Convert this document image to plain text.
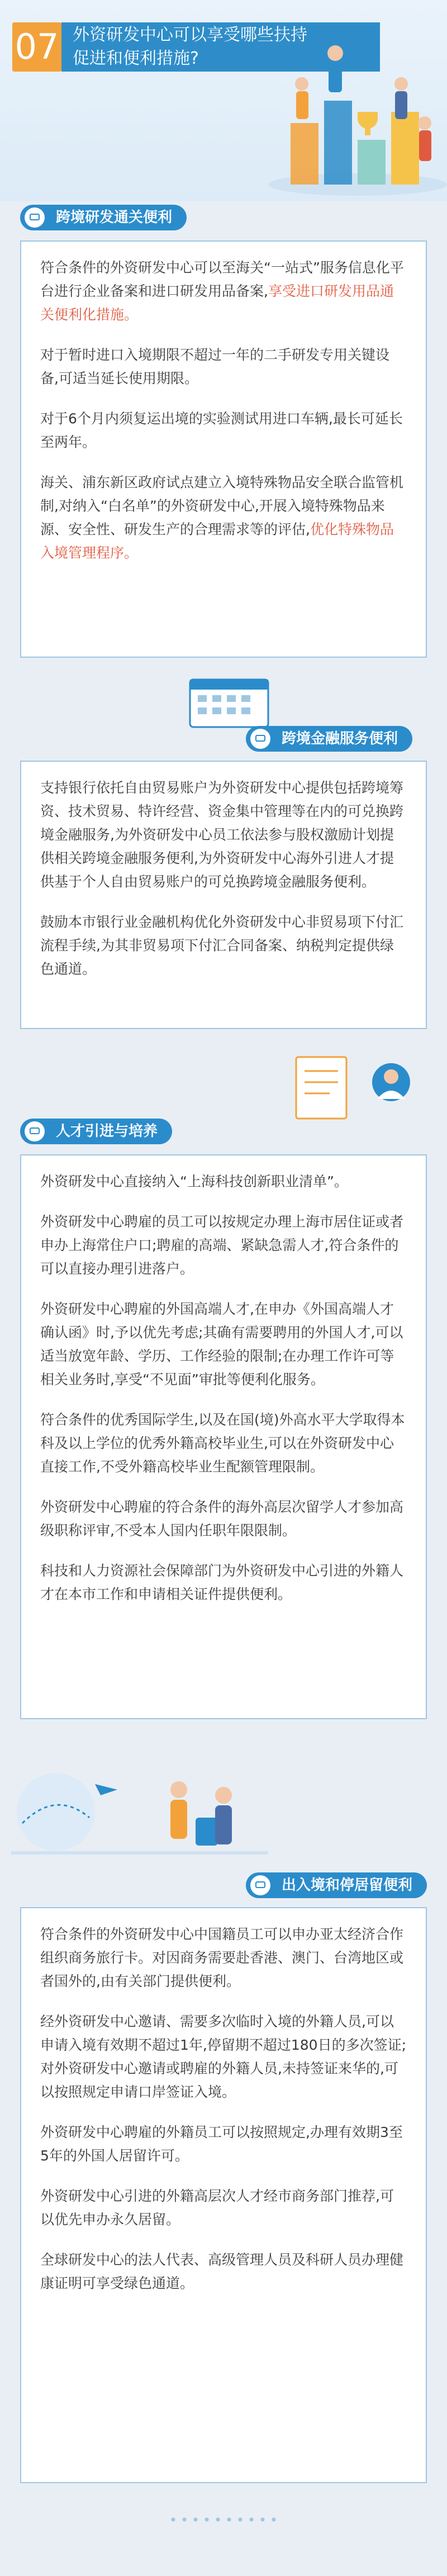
07 外资研发中心可以享受哪些扶持
促进和便利措施?
跨境研发通关便利

符合条件的外资研发中心可以至海关“一站式”服务信息化平台进行企业备案和进口研发用品备案,享受进口研发用品通关便利化措施。

对于暂时进口入境期限不超过一年的二手研发专用关键设备,可适当延长使用期限。

对于6个月内须复运出境的实验测试用进口车辆,最长可延长至两年。

海关、浦东新区政府试点建立入境特殊物品安全联合监管机制,对纳入“白名单”的外资研发中心,开展入境特殊物品来源、安全性、研发生产的合理需求等的评估,优化特殊物品入境管理程序。

跨境金融服务便利

支持银行依托自由贸易账户为外资研发中心提供包括跨境筹资、技术贸易、特许经营、资金集中管理等在内的可兑换跨境金融服务,为外资研发中心员工依法参与股权激励计划提供相关跨境金融服务便利,为外资研发中心海外引进人才提供基于个人自由贸易账户的可兑换跨境金融服务便利。

鼓励本市银行业金融机构优化外资研发中心非贸易项下付汇流程手续,为其非贸易项下付汇合同备案、纳税判定提供绿色通道。

人才引进与培养

外资研发中心直接纳入“上海科技创新职业清单”。

外资研发中心聘雇的员工可以按规定办理上海市居住证或者申办上海常住户口;聘雇的高端、紧缺急需人才,符合条件的可以直接办理引进落户。

外资研发中心聘雇的外国高端人才,在申办《外国高端人才确认函》时,予以优先考虑;其确有需要聘用的外国人才,可以适当放宽年龄、学历、工作经验的限制;在办理工作许可等相关业务时,享受“不见面”审批等便利化服务。

符合条件的优秀国际学生,以及在国(境)外高水平大学取得本科及以上学位的优秀外籍高校毕业生,可以在外资研发中心直接工作,不受外籍高校毕业生配额管理限制。

外资研发中心聘雇的符合条件的海外高层次留学人才参加高级职称评审,不受本人国内任职年限限制。

科技和人力资源社会保障部门为外资研发中心引进的外籍人才在本市工作和申请相关证件提供便利。

出入境和停居留便利

符合条件的外资研发中心中国籍员工可以申办亚太经济合作组织商务旅行卡。对因商务需要赴香港、澳门、台湾地区或者国外的,由有关部门提供便利。

经外资研发中心邀请、需要多次临时入境的外籍人员,可以申请入境有效期不超过1年,停留期不超过180日的多次签证;对外资研发中心邀请或聘雇的外籍人员,未持签证来华的,可以按照规定申请口岸签证入境。

外资研发中心聘雇的外籍员工可以按照规定,办理有效期3至5年的外国人居留许可。

外资研发中心引进的外籍高层次人才经市商务部门推荐,可以优先申办永久居留。

全球研发中心的法人代表、高级管理人员及科研人员办理健康证明可享受绿色通道。
